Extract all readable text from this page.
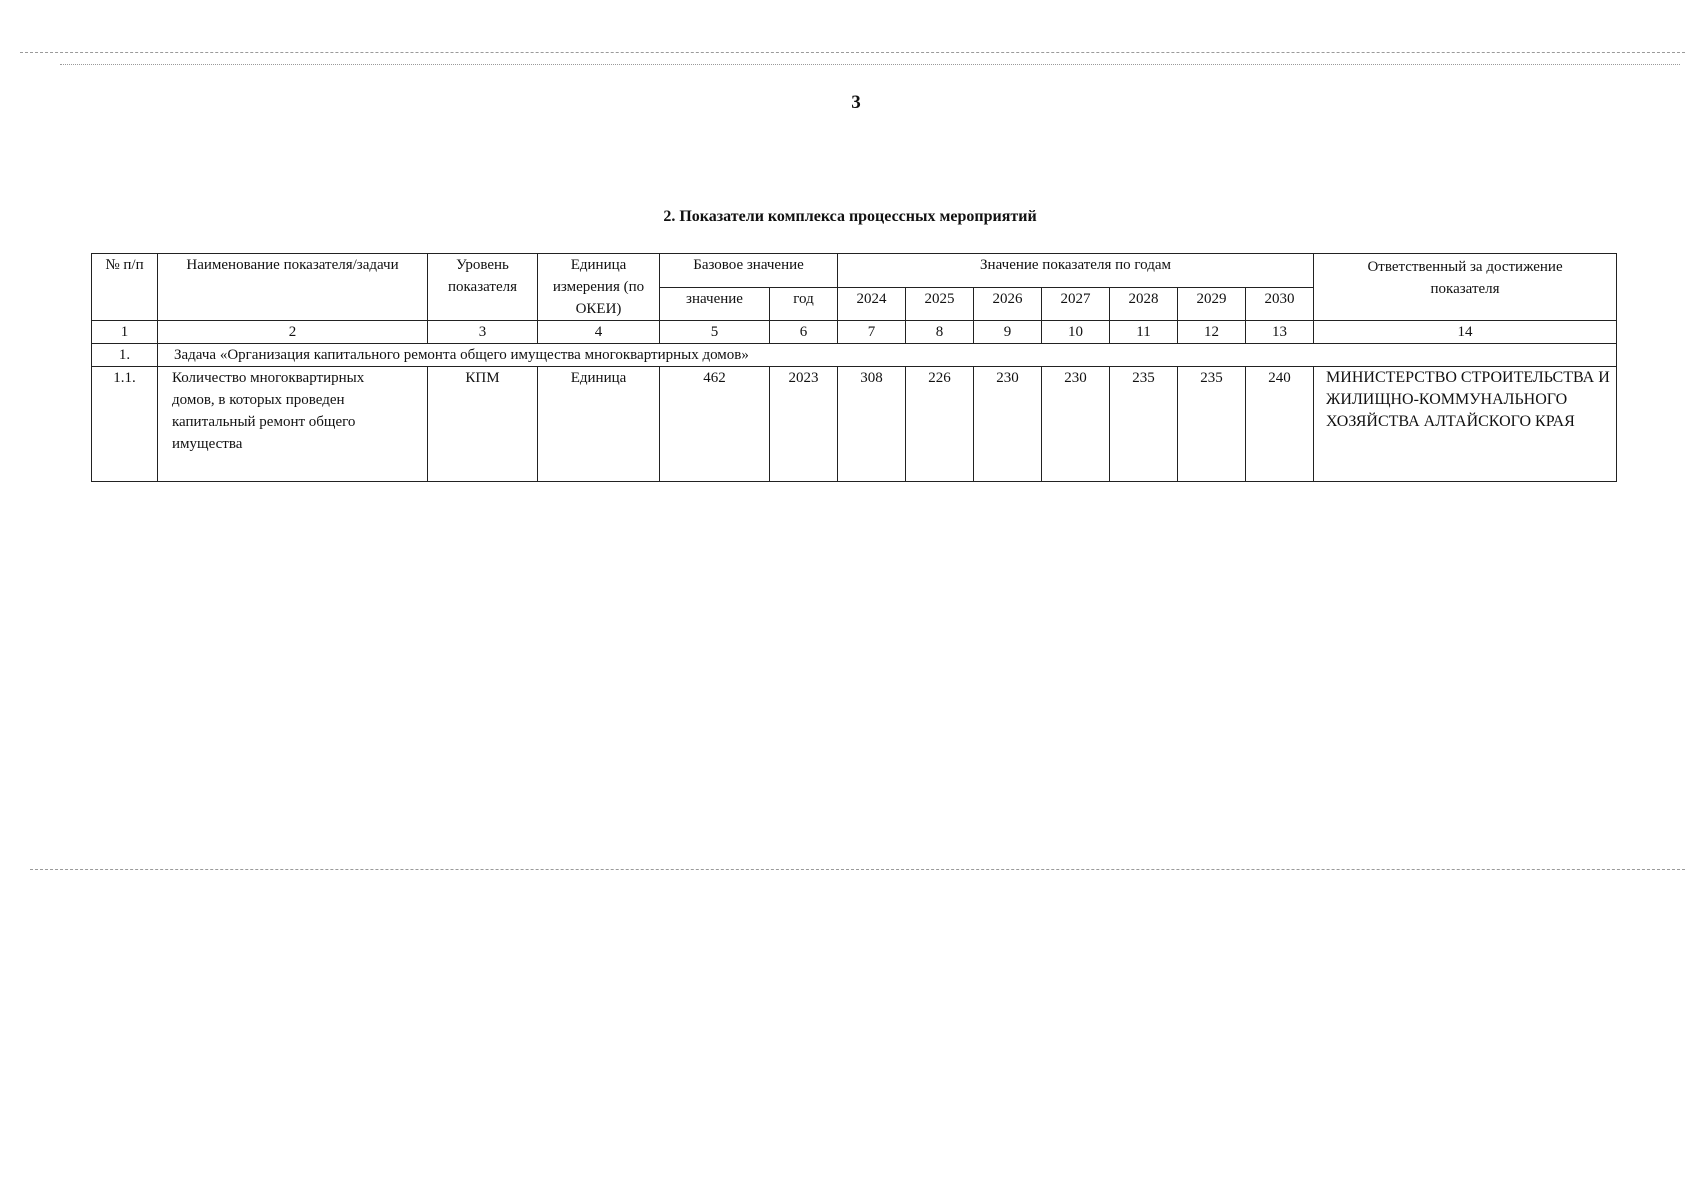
3
2. Показатели комплекса процессных мероприятий
№ п/п	Наименование показателя/задачи	Уровень показателя	Единица измерения (по ОКЕИ)	Базовое значение		Значение показателя по годам							Ответственный за достижение показателя
				значение	год	2024	2025	2026	2027	2028	2029	2030	
1	2	3	4	5	6	7	8	9	10	11	12	13	14
1.	Задача «Организация капитального ремонта общего имущества многоквартирных домов»												
1.1.	Количество многоквартирных домов, в которых проведен капитальный ремонт общего имущества	КПМ	Единица	462	2023	308	226	230	230	235	235	240	МИНИСТЕРСТВО СТРОИТЕЛЬСТВА И ЖИЛИЩНО-КОММУНАЛЬНОГО ХОЗЯЙСТВА АЛТАЙСКОГО КРАЯ
